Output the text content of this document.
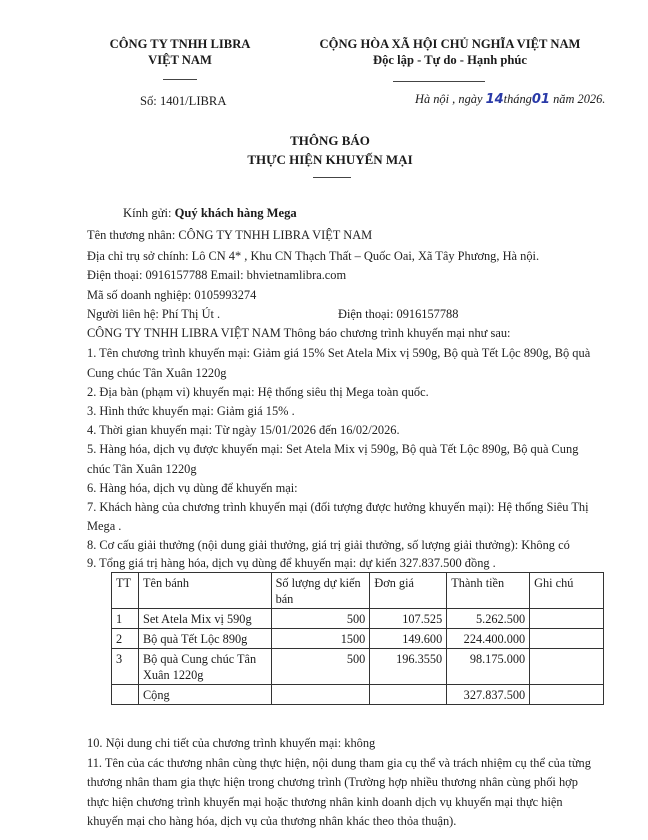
CÔNG TY TNHH LIBRA
VIỆT NAM
Số: 1401/LIBRA
CỘNG HÒA XÃ HỘI CHỦ NGHĨA VIỆT NAM
Độc lập - Tự do - Hạnh phúc
Hà nội , ngày 14tháng01 năm 2026.
THÔNG BÁO
THỰC HIỆN KHUYẾN MẠI
Kính gửi: Quý khách hàng Mega
Tên thương nhân: CÔNG TY TNHH LIBRA VIỆT NAM
Địa chỉ trụ sở chính: Lô CN 4* , Khu CN Thạch Thất – Quốc Oai, Xã Tây Phương, Hà nội.
Điện thoại: 0916157788 Email: bhvietnamlibra.com
Mã số doanh nghiệp: 0105993274
Người liên hệ: Phí Thị Út .	Điện thoại: 0916157788
CÔNG TY TNHH LIBRA VIỆT NAM Thông báo chương trình khuyến mại như sau:
1. Tên chương trình khuyến mại: Giảm giá 15% Set Atela Mix vị 590g, Bộ quà Tết Lộc 890g, Bộ quà
Cung chúc Tân Xuân 1220g
2. Địa bàn (phạm vi) khuyến mại: Hệ thống siêu thị Mega toàn quốc.
3. Hình thức khuyến mại: Giảm giá 15% .
4. Thời gian khuyến mại: Từ ngày 15/01/2026 đến 16/02/2026.
5. Hàng hóa, dịch vụ được khuyến mại: Set Atela Mix vị 590g, Bộ quà Tết Lộc 890g, Bộ quà Cung
chúc Tân Xuân 1220g
6. Hàng hóa, dịch vụ dùng để khuyến mại:
7. Khách hàng của chương trình khuyến mại (đối tượng được hưởng khuyến mại): Hệ thống Siêu Thị
Mega .
8. Cơ cấu giải thưởng (nội dung giải thưởng, giá trị giải thưởng, số lượng giải thưởng): Không có
9. Tổng giá trị hàng hóa, dịch vụ dùng để khuyến mại: dự kiến 327.837.500 đồng .
TT	Tên bánh	Số lượng dự kiến bán	Đơn giá	Thành tiền	Ghi chú
1	Set Atela Mix vị 590g	500	107.525	5.262.500	
2	Bộ quà Tết Lộc 890g	1500	149.600	224.400.000	
3	Bộ quà Cung chúc Tân Xuân 1220g	500	196.3550	98.175.000	
	Cộng			327.837.500	
10. Nội dung chi tiết của chương trình khuyến mại: không
11. Tên của các thương nhân cùng thực hiện, nội dung tham gia cụ thể và trách nhiệm cụ thể của từng
thương nhân tham gia thực hiện trong chương trình (Trường hợp nhiều thương nhân cùng phối hợp
thực hiện chương trình khuyến mại hoặc thương nhân kinh doanh dịch vụ khuyến mại thực hiện
khuyến mại cho hàng hóa, dịch vụ của thương nhân khác theo thỏa thuận).
